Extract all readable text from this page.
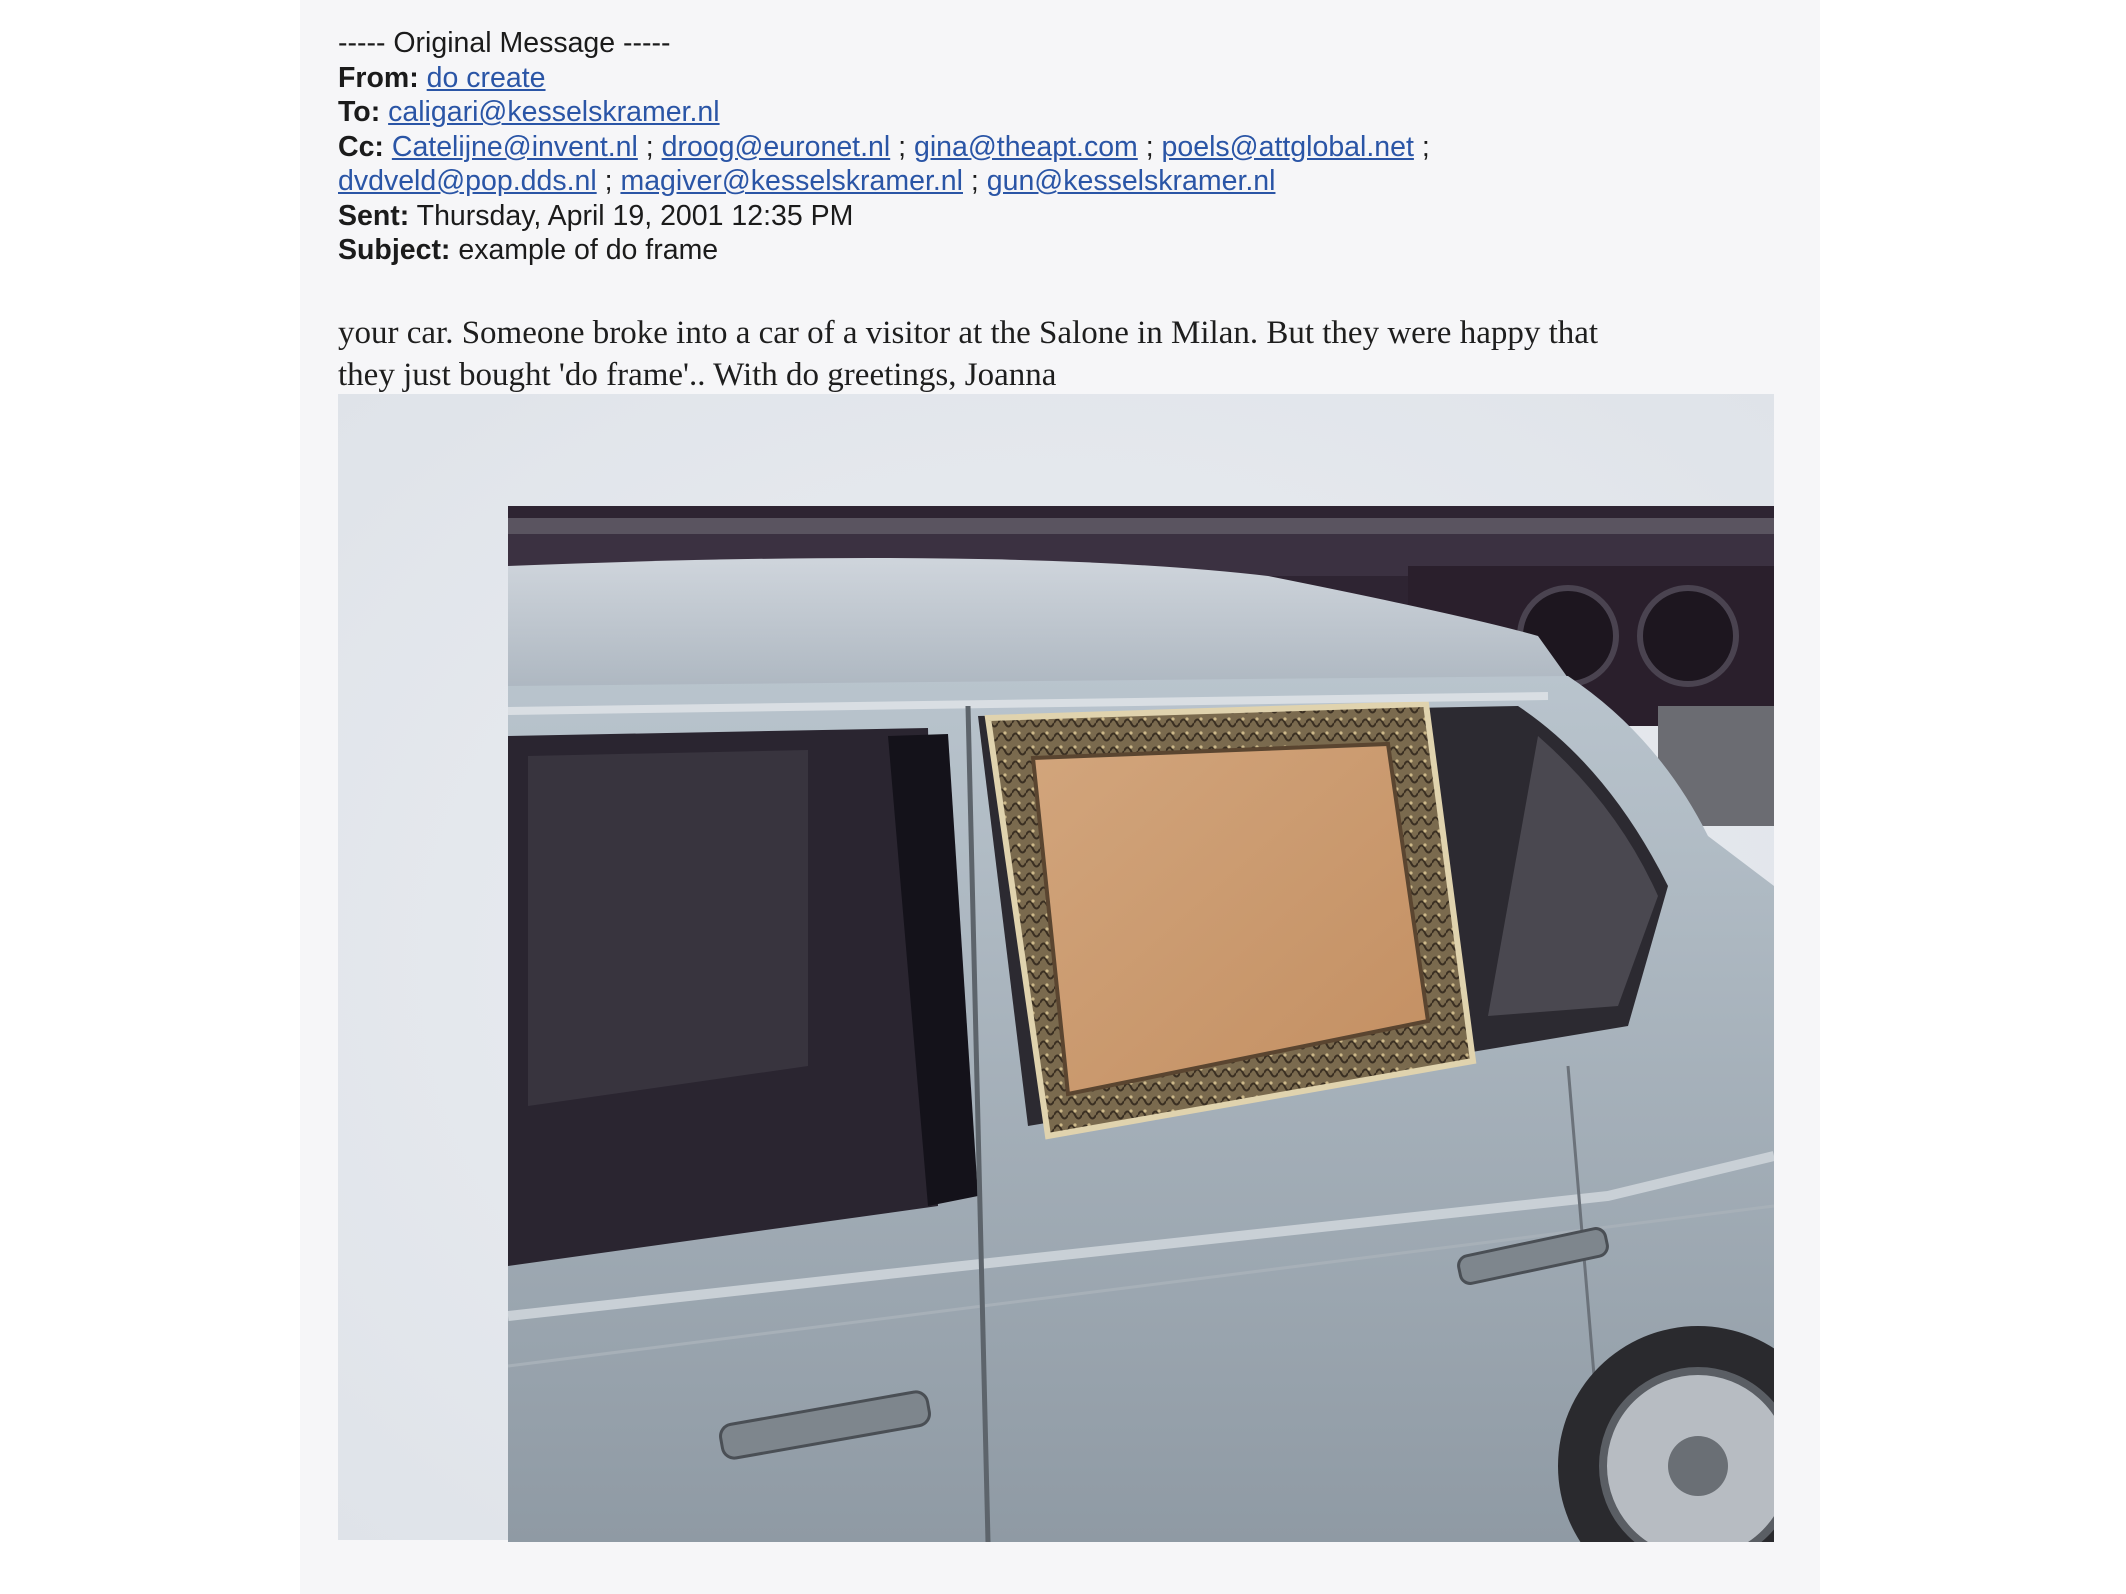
----- Original Message -----
From: do create
To: caligari@kesselskramer.nl
Cc: Catelijne@invent.nl ; droog@euronet.nl ; gina@theapt.com ; poels@attglobal.net ;
dvdveld@pop.dds.nl ; magiver@kesselskramer.nl ; gun@kesselskramer.nl
Sent: Thursday, April 19, 2001 12:35 PM
Subject: example of do frame
your car. Someone broke into a car of a visitor at the Salone in Milan. But they were happy that
they just bought 'do frame'.. With do greetings, Joanna
